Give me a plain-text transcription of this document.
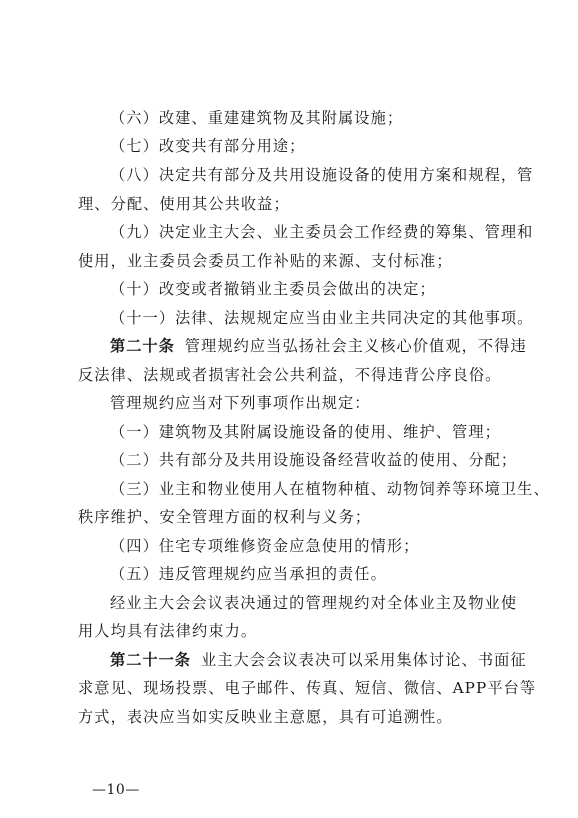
（六）改建、重建建筑物及其附属设施；
（七）改变共有部分用途；
（八）决定共有部分及共用设施设备的使用方案和规程，管
理、分配、使用其公共收益；
（九）决定业主大会、业主委员会工作经费的筹集、管理和
使用，业主委员会委员工作补贴的来源、支付标准；
（十）改变或者撤销业主委员会做出的决定；
（十一）法律、法规规定应当由业主共同决定的其他事项。
第二十条 管理规约应当弘扬社会主义核心价值观，不得违
反法律、法规或者损害社会公共利益，不得违背公序良俗。
管理规约应当对下列事项作出规定：
（一）建筑物及其附属设施设备的使用、维护、管理；
（二）共有部分及共用设施设备经营收益的使用、分配；
（三）业主和物业使用人在植物种植、动物饲养等环境卫生、
秩序维护、安全管理方面的权利与义务；
（四）住宅专项维修资金应急使用的情形；
（五）违反管理规约应当承担的责任。
经业主大会会议表决通过的管理规约对全体业主及物业使
用人均具有法律约束力。
第二十一条 业主大会会议表决可以采用集体讨论、书面征
求意见、现场投票、电子邮件、传真、短信、微信、APP平台等
方式，表决应当如实反映业主意愿，具有可追溯性。
—10—
